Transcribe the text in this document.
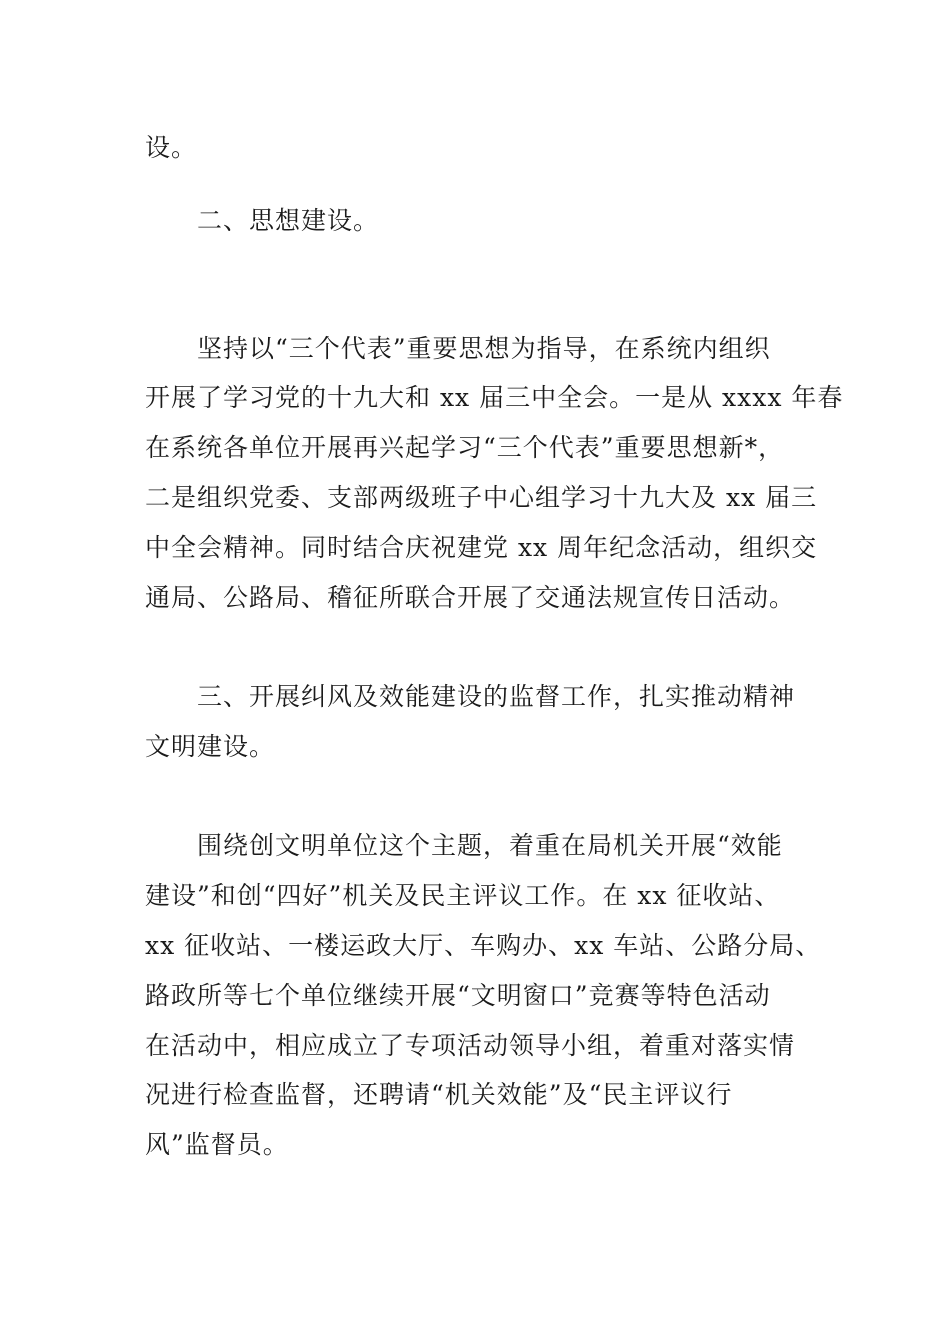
设。

二、思想建设。

坚持以“三个代表”重要思想为指导，在系统内组织

开展了学习党的十九大和 xx 届三中全会。一是从 xxxx 年春

在系统各单位开展再兴起学习“三个代表”重要思想新*，

二是组织党委、支部两级班子中心组学习十九大及 xx 届三

中全会精神。同时结合庆祝建党 xx 周年纪念活动，组织交

通局、公路局、稽征所联合开展了交通法规宣传日活动。

三、开展纠风及效能建设的监督工作，扎实推动精神

文明建设。

围绕创文明单位这个主题，着重在局机关开展“效能

建设”和创“四好”机关及民主评议工作。在 xx 征收站、

xx 征收站、一楼运政大厅、车购办、xx 车站、公路分局、

路政所等七个单位继续开展“文明窗口”竞赛等特色活动

在活动中，相应成立了专项活动领导小组，着重对落实情

况进行检查监督，还聘请“机关效能”及“民主评议行

风”监督员。
